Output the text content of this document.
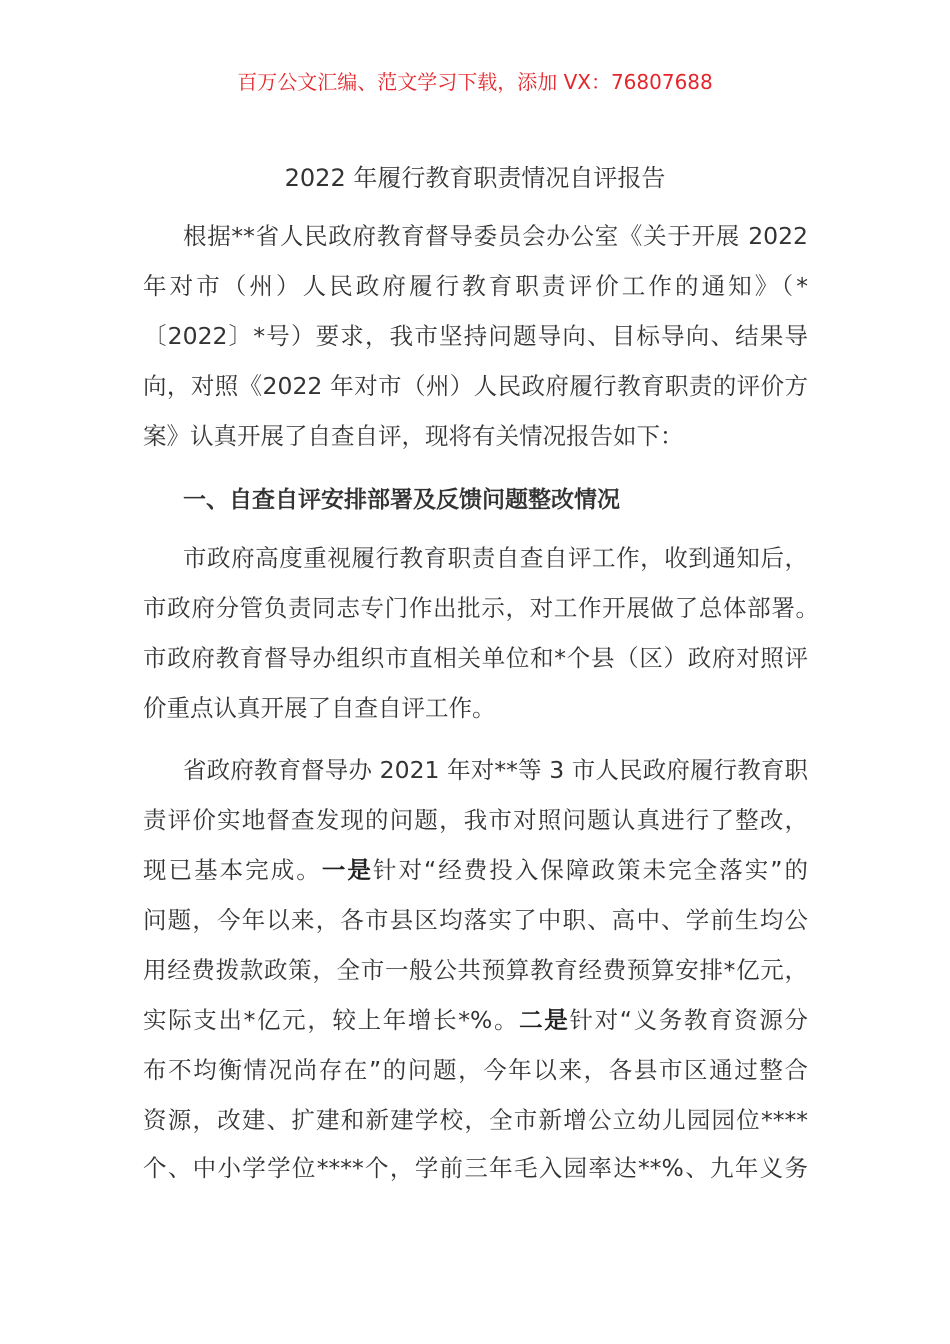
百万公文汇编、范文学习下载，添加 VX：76807688
2022 年履行教育职责情况自评报告
根据**省人民政府教育督导委员会办公室《关于开展 2022
年对市（州）人民政府履行教育职责评价工作的通知》（*
〔2022〕*号）要求，我市坚持问题导向、目标导向、结果导
向，对照《2022 年对市（州）人民政府履行教育职责的评价方
案》认真开展了自查自评，现将有关情况报告如下：
一、自查自评安排部署及反馈问题整改情况
市政府高度重视履行教育职责自查自评工作，收到通知后，
市政府分管负责同志专门作出批示，对工作开展做了总体部署。
市政府教育督导办组织市直相关单位和*个县（区）政府对照评
价重点认真开展了自查自评工作。
省政府教育督导办 2021 年对**等 3 市人民政府履行教育职
责评价实地督查发现的问题，我市对照问题认真进行了整改，
现已基本完成。一是针对“经费投入保障政策未完全落实”的
问题，今年以来，各市县区均落实了中职、高中、学前生均公
用经费拨款政策，全市一般公共预算教育经费预算安排*亿元，
实际支出*亿元，较上年增长*%。二是针对“义务教育资源分
布不均衡情况尚存在”的问题，今年以来，各县市区通过整合
资源，改建、扩建和新建学校，全市新增公立幼儿园园位****
个、中小学学位****个，学前三年毛入园率达**%、九年义务
